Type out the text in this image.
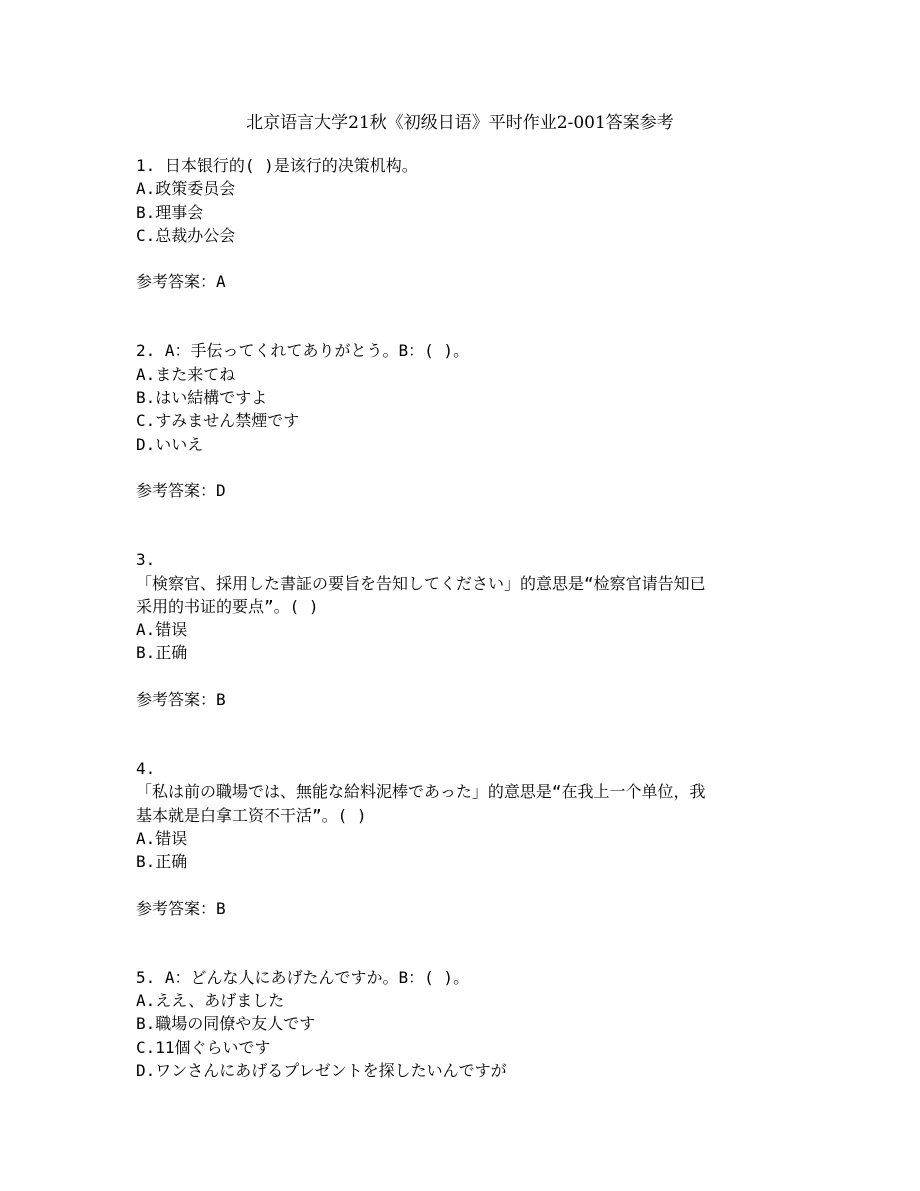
北京语言大学21秋《初级日语》平时作业2-001答案参考
1. 日本银行的( )是该行的决策机构。
A.政策委员会
B.理事会
C.总裁办公会
参考答案：A
2. A：手伝ってくれてありがとう。B：( )。
A.また来てね
B.はい結構ですよ
C.すみません禁煙です
D.いいえ
参考答案：D
3.
「検察官、採用した書証の要旨を告知してください」的意思是“检察官请告知已
采用的书证的要点”。( )
A.错误
B.正确
参考答案：B
4.
「私は前の職場では、無能な給料泥棒であった」的意思是“在我上一个单位，我
基本就是白拿工资不干活”。( )
A.错误
B.正确
参考答案：B
5. A：どんな人にあげたんですか。B：( )。
A.ええ、あげました
B.職場の同僚や友人です
C.11個ぐらいです
D.ワンさんにあげるプレゼントを探したいんですが
